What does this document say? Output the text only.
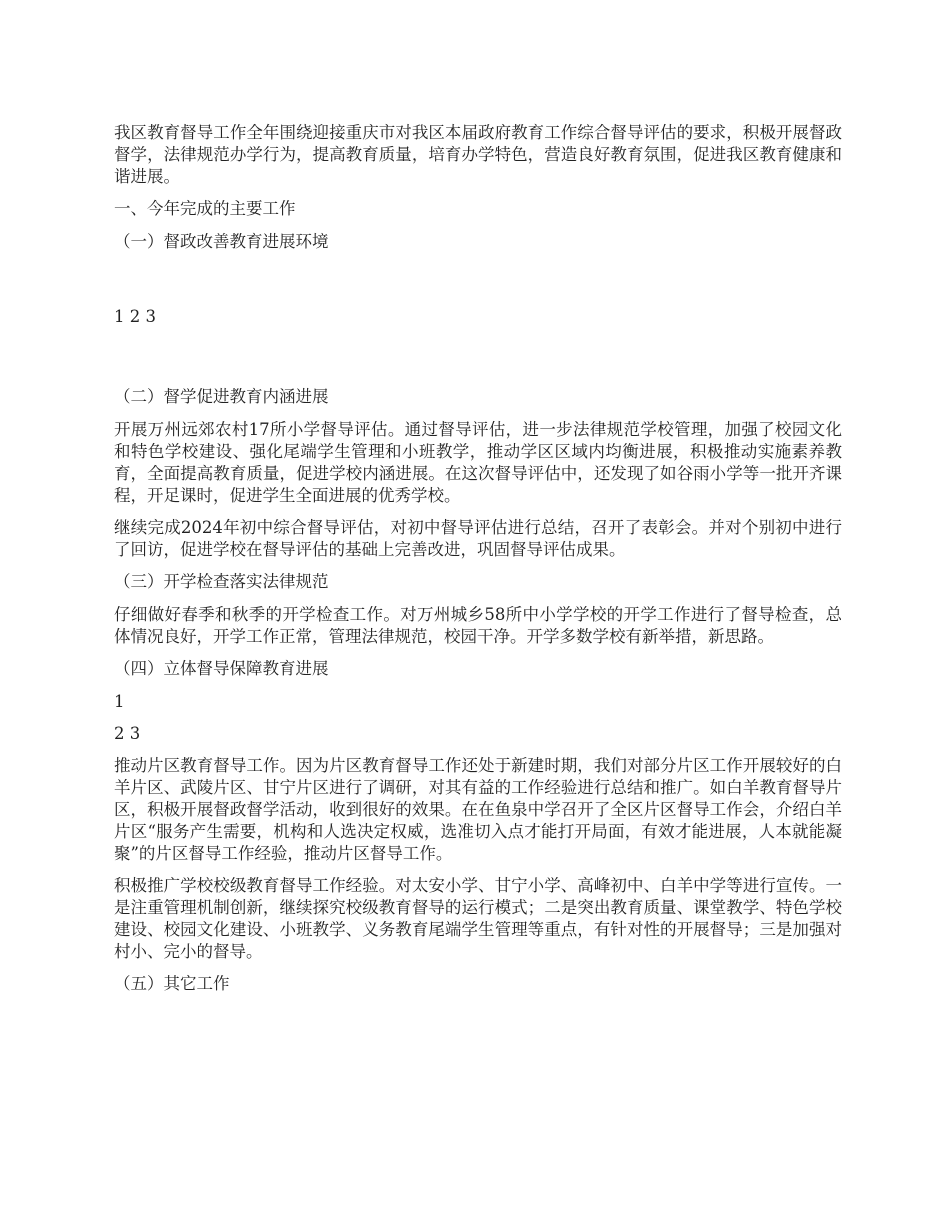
我区教育督导工作全年围绕迎接重庆市对我区本届政府教育工作综合督导评估的要求，积极开展督政督学，法律规范办学行为，提高教育质量，培育办学特色，营造良好教育氛围，促进我区教育健康和谐进展。

一、今年完成的主要工作

（一）督政改善教育进展环境

1 2 3

（二）督学促进教育内涵进展

开展万州远郊农村17所小学督导评估。通过督导评估，进一步法律规范学校管理，加强了校园文化和特色学校建设、强化尾端学生管理和小班教学，推动学区区域内均衡进展，积极推动实施素养教育，全面提高教育质量，促进学校内涵进展。在这次督导评估中，还发现了如谷雨小学等一批开齐课程，开足课时，促进学生全面进展的优秀学校。

继续完成2024年初中综合督导评估，对初中督导评估进行总结，召开了表彰会。并对个别初中进行了回访，促进学校在督导评估的基础上完善改进，巩固督导评估成果。

（三）开学检查落实法律规范

仔细做好春季和秋季的开学检查工作。对万州城乡58所中小学学校的开学工作进行了督导检查，总体情况良好，开学工作正常，管理法律规范，校园干净。开学多数学校有新举措，新思路。

（四）立体督导保障教育进展

1

2 3

推动片区教育督导工作。因为片区教育督导工作还处于新建时期，我们对部分片区工作开展较好的白羊片区、武陵片区、甘宁片区进行了调研，对其有益的工作经验进行总结和推广。如白羊教育督导片区，积极开展督政督学活动，收到很好的效果。在在鱼泉中学召开了全区片区督导工作会，介绍白羊片区“服务产生需要，机构和人选决定权威，选准切入点才能打开局面，有效才能进展，人本就能凝聚”的片区督导工作经验，推动片区督导工作。

积极推广学校校级教育督导工作经验。对太安小学、甘宁小学、高峰初中、白羊中学等进行宣传。一是注重管理机制创新，继续探究校级教育督导的运行模式；二是突出教育质量、课堂教学、特色学校建设、校园文化建设、小班教学、义务教育尾端学生管理等重点，有针对性的开展督导；三是加强对村小、完小的督导。

（五）其它工作
